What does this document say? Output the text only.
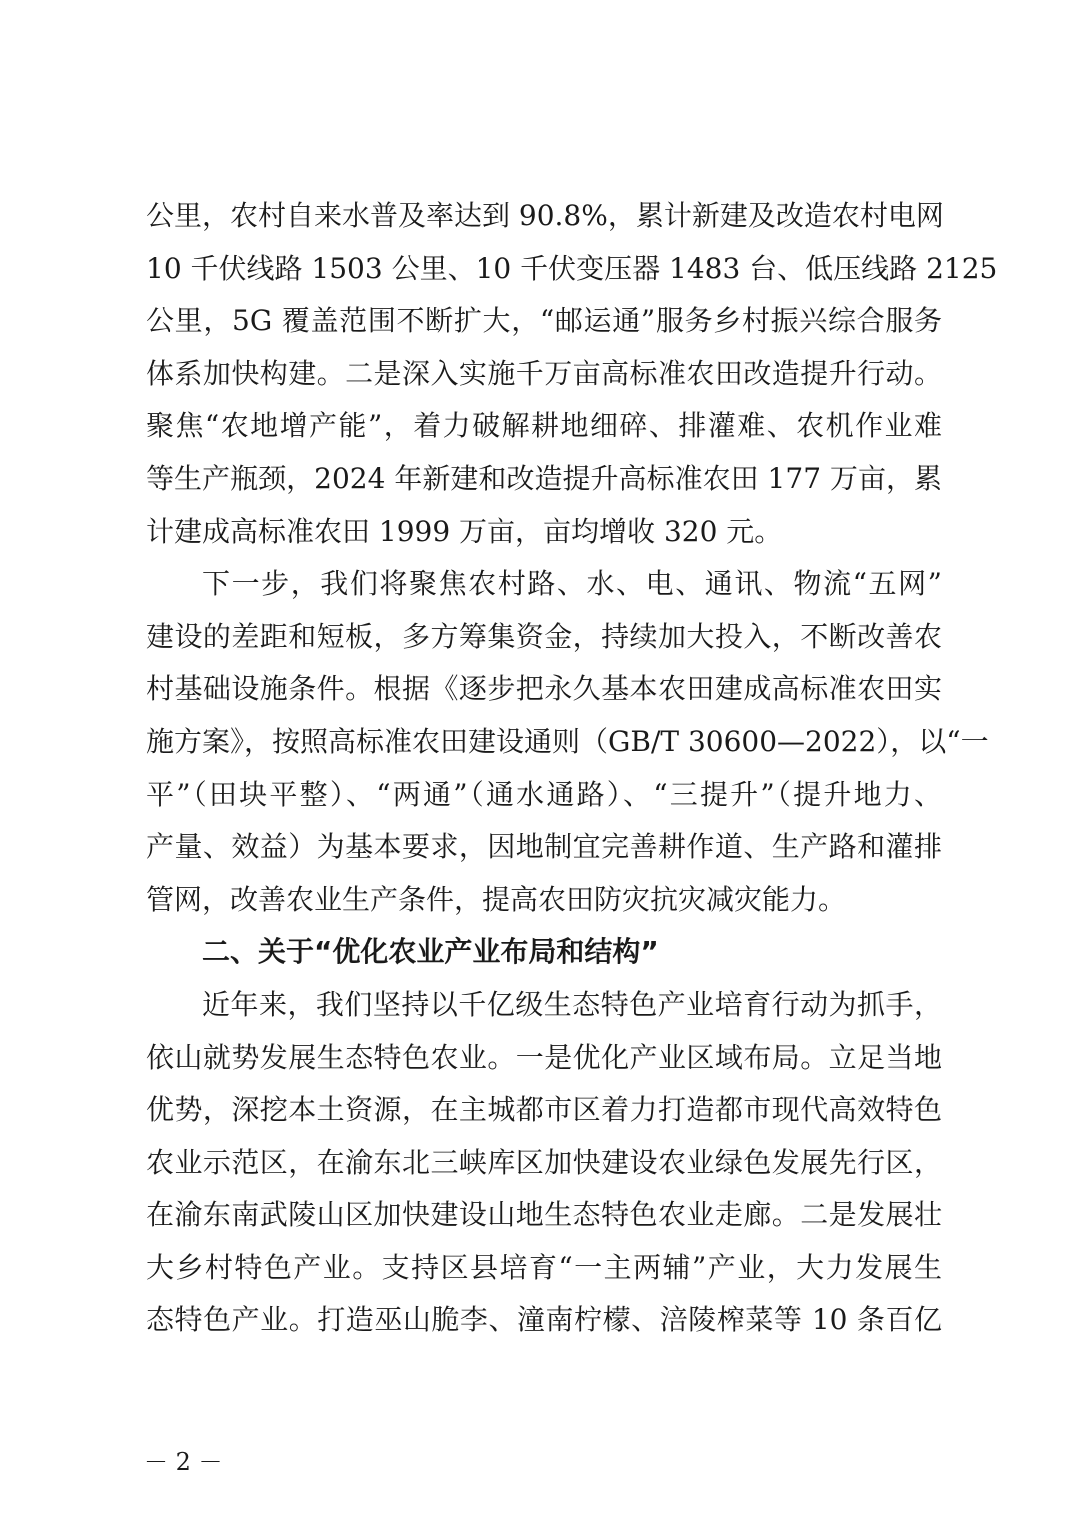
公里，农村自来水普及率达到 90.8%，累计新建及改造农村电网
10 千伏线路 1503 公里、10 千伏变压器 1483 台、低压线路 2125
公里，5G 覆盖范围不断扩大，“邮运通”服务乡村振兴综合服务
体系加快构建。二是深入实施千万亩高标准农田改造提升行动。
聚焦“农地增产能”，着力破解耕地细碎、排灌难、农机作业难
等生产瓶颈，2024 年新建和改造提升高标准农田 177 万亩，累
计建成高标准农田 1999 万亩，亩均增收 320 元。
下一步，我们将聚焦农村路、水、电、通讯、物流“五网”
建设的差距和短板，多方筹集资金，持续加大投入，不断改善农
村基础设施条件。根据《逐步把永久基本农田建成高标准农田实
施方案》，按照高标准农田建设通则（GB/T 30600—2022），以“一
平”（田块平整）、“两通”（通水通路）、“三提升”（提升地力、
产量、效益）为基本要求，因地制宜完善耕作道、生产路和灌排
管网，改善农业生产条件，提高农田防灾抗灾减灾能力。
二、关于“优化农业产业布局和结构”
近年来，我们坚持以千亿级生态特色产业培育行动为抓手，
依山就势发展生态特色农业。一是优化产业区域布局。立足当地
优势，深挖本土资源，在主城都市区着力打造都市现代高效特色
农业示范区，在渝东北三峡库区加快建设农业绿色发展先行区，
在渝东南武陵山区加快建设山地生态特色农业走廊。二是发展壮
大乡村特色产业。支持区县培育“一主两辅”产业，大力发展生
态特色产业。打造巫山脆李、潼南柠檬、涪陵榨菜等 10 条百亿
－ 2 －
